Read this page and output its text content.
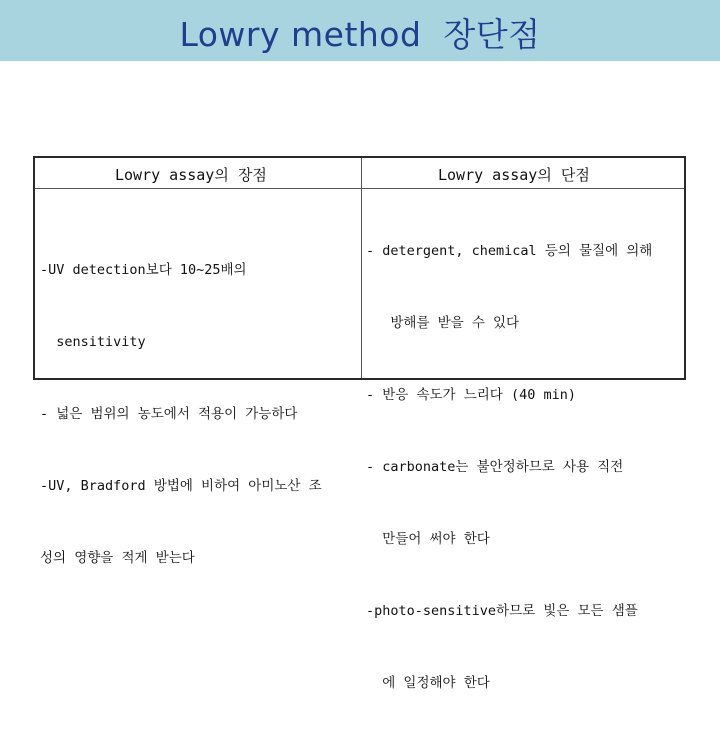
Lowry method  장단점
Lowry assay의 장점	Lowry assay의 단점

-UV detection보다 10~25배의

sensitivity

- 넓은 범위의 농도에서 적용이 가능하다

-UV, Bradford 방법에 비하여 아미노산 조

성의 영향을 적게 받는다

- detergent, chemical 등의 물질에 의해

방해를 받을 수 있다

- 반응 속도가 느리다 (40 min)

- carbonate는 불안정하므로 사용 직전

만들어 써야 한다

-photo-sensitive하므로 빛은 모든 샘플

에 일정해야 한다
